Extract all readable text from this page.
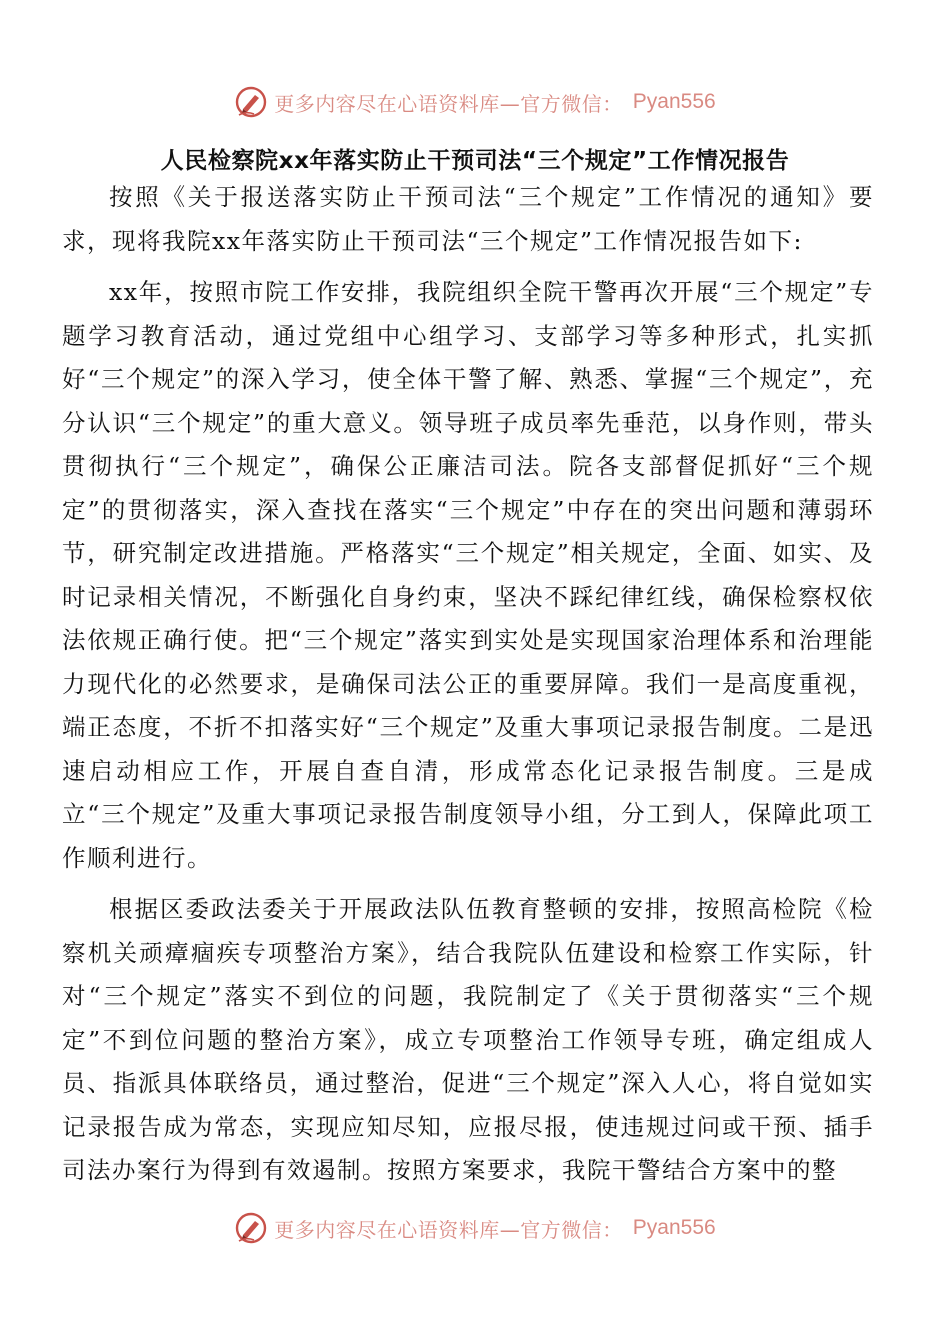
更多内容尽在心语资料库—官方微信： Pyan556
人民检察院xx年落实防止干预司法“三个规定”工作情况报告

按照《关于报送落实防止干预司法“三个规定”工作情况的通知》要求，现将我院xx年落实防止干预司法“三个规定”工作情况报告如下:

xx年，按照市院工作安排，我院组织全院干警再次开展“三个规定”专题学习教育活动，通过党组中心组学习、支部学习等多种形式，扎实抓好“三个规定”的深入学习，使全体干警了解、熟悉、掌握“三个规定”，充分认识“三个规定”的重大意义。领导班子成员率先垂范，以身作则，带头贯彻执行“三个规定”，确保公正廉洁司法。院各支部督促抓好“三个规定”的贯彻落实，深入查找在落实“三个规定”中存在的突出问题和薄弱环节，研究制定改进措施。严格落实“三个规定”相关规定，全面、如实、及时记录相关情况，不断强化自身约束，坚决不踩纪律红线，确保检察权依法依规正确行使。把“三个规定”落实到实处是实现国家治理体系和治理能力现代化的必然要求，是确保司法公正的重要屏障。我们一是高度重视，端正态度，不折不扣落实好“三个规定”及重大事项记录报告制度。二是迅速启动相应工作，开展自查自清，形成常态化记录报告制度。三是成立“三个规定”及重大事项记录报告制度领导小组，分工到人，保障此项工作顺利进行。

根据区委政法委关于开展政法队伍教育整顿的安排，按照高检院《检察机关顽瘴痼疾专项整治方案》，结合我院队伍建设和检察工作实际，针对“三个规定”落实不到位的问题，我院制定了《关于贯彻落实“三个规定”不到位问题的整治方案》，成立专项整治工作领导专班，确定组成人员、指派具体联络员，通过整治，促进“三个规定”深入人心，将自觉如实记录报告成为常态，实现应知尽知，应报尽报，使违规过问或干预、插手司法办案行为得到有效遏制。按照方案要求，我院干警结合方案中的整

更多内容尽在心语资料库—官方微信： Pyan556
